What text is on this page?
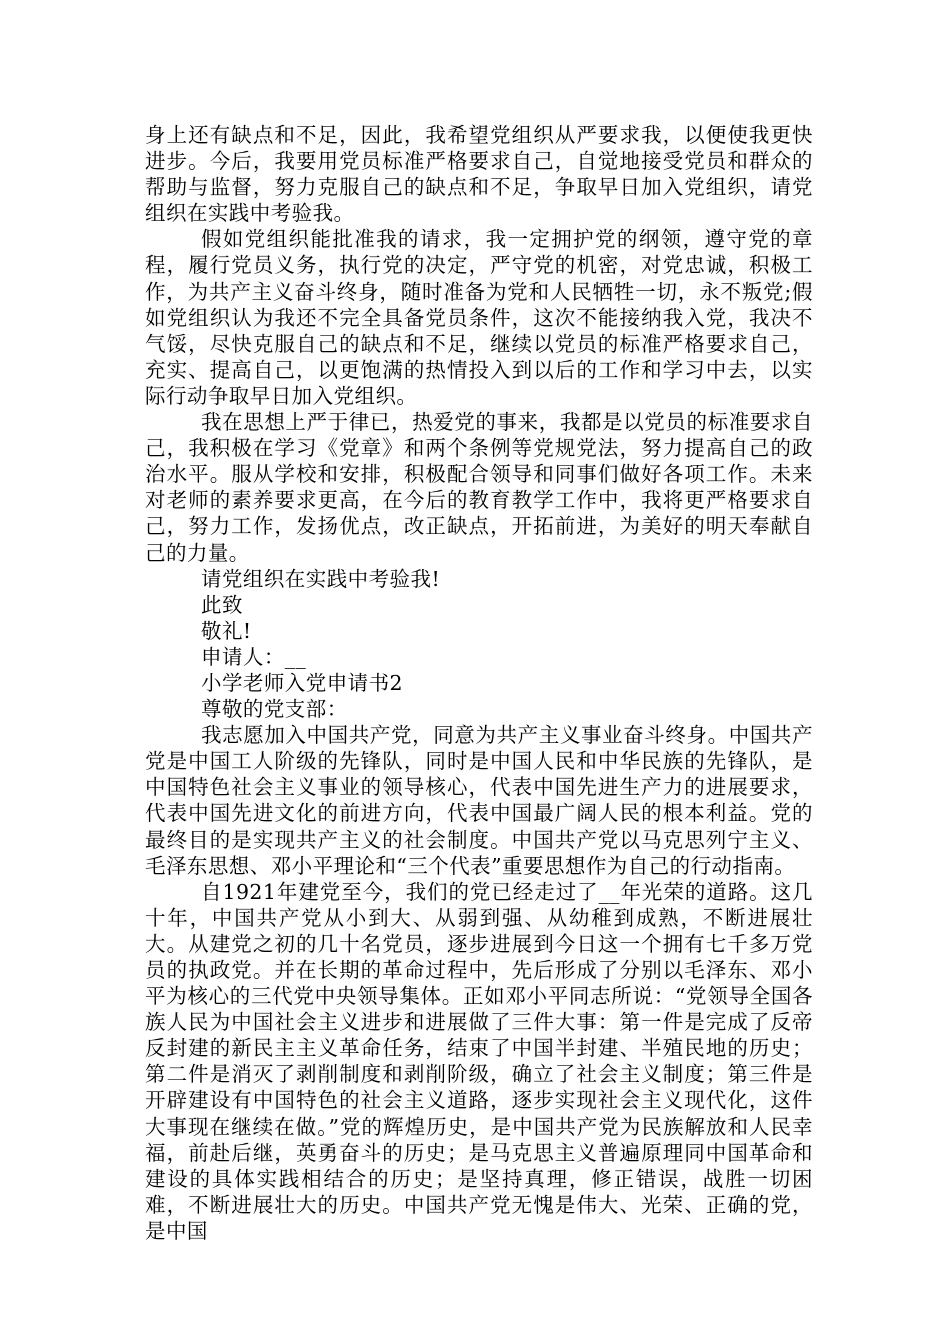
身上还有缺点和不足，因此，我希望党组织从严要求我，以便使我更快进步。今后，我要用党员标准严格要求自己，自觉地接受党员和群众的帮助与监督，努力克服自己的缺点和不足，争取早日加入党组织，请党组织在实践中考验我。

假如党组织能批准我的请求，我一定拥护党的纲领，遵守党的章程，履行党员义务，执行党的决定，严守党的机密，对党忠诚，积极工作，为共产主义奋斗终身，随时准备为党和人民牺牲一切，永不叛党;假如党组织认为我还不完全具备党员条件，这次不能接纳我入党，我决不气馁，尽快克服自己的缺点和不足，继续以党员的标准严格要求自己，充实、提高自己，以更饱满的热情投入到以后的工作和学习中去，以实际行动争取早日加入党组织。

我在思想上严于律已，热爱党的事来，我都是以党员的标准要求自己，我积极在学习《党章》和两个条例等党规党法，努力提高自己的政治水平。服从学校和安排，积极配合领导和同事们做好各项工作。未来对老师的素养要求更高，在今后的教育教学工作中，我将更严格要求自己，努力工作，发扬优点，改正缺点，开拓前进，为美好的明天奉献自己的力量。

请党组织在实践中考验我!

此致

敬礼!

申请人：__

小学老师入党申请书2

尊敬的党支部：

我志愿加入中国共产党，同意为共产主义事业奋斗终身。中国共产党是中国工人阶级的先锋队，同时是中国人民和中华民族的先锋队，是中国特色社会主义事业的领导核心，代表中国先进生产力的进展要求，代表中国先进文化的前进方向，代表中国最广阔人民的根本利益。党的最终目的是实现共产主义的社会制度。中国共产党以马克思列宁主义、毛泽东思想、邓小平理论和“三个代表”重要思想作为自己的行动指南。

自1921年建党至今，我们的党已经走过了__年光荣的道路。这几十年，中国共产党从小到大、从弱到强、从幼稚到成熟，不断进展壮大。从建党之初的几十名党员，逐步进展到今日这一个拥有七千多万党员的执政党。并在长期的革命过程中，先后形成了分别以毛泽东、邓小平为核心的三代党中央领导集体。正如邓小平同志所说：“党领导全国各族人民为中国社会主义进步和进展做了三件大事：第一件是完成了反帝反封建的新民主主义革命任务，结束了中国半封建、半殖民地的历史；第二件是消灭了剥削制度和剥削阶级，确立了社会主义制度；第三件是开辟建设有中国特色的社会主义道路，逐步实现社会主义现代化，这件大事现在继续在做。”党的辉煌历史，是中国共产党为民族解放和人民幸福，前赴后继，英勇奋斗的历史；是马克思主义普遍原理同中国革命和建设的具体实践相结合的历史；是坚持真理，修正错误，战胜一切困难，不断进展壮大的历史。中国共产党无愧是伟大、光荣、正确的党，是中国
